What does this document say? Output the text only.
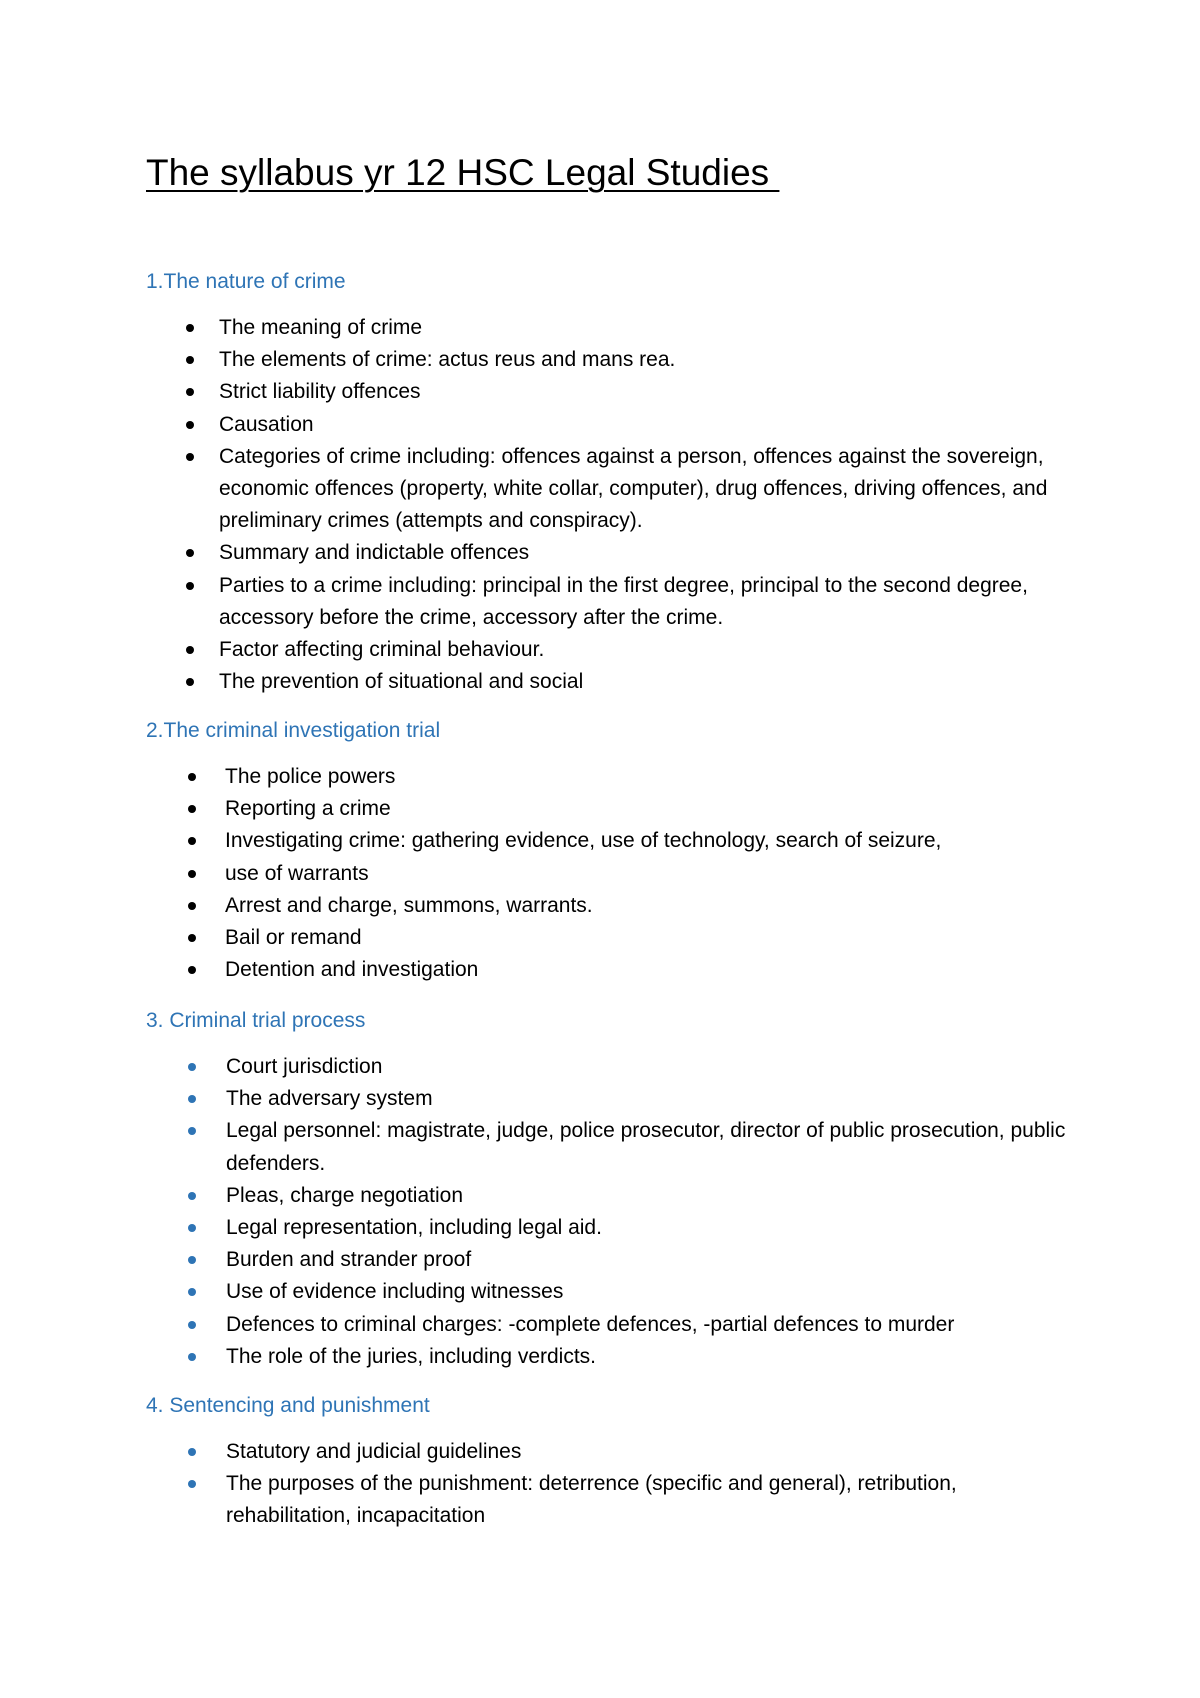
The syllabus yr 12 HSC Legal Studies
1.The nature of crime
The meaning of crime
The elements of crime: actus reus and mans rea.
Strict liability offences
Causation
Categories of crime including: offences against a person, offences against the sovereign, economic offences (property, white collar, computer), drug offences, driving offences, and preliminary crimes (attempts and conspiracy).
Summary and indictable offences
Parties to a crime including: principal in the first degree, principal to the second degree, accessory before the crime, accessory after the crime.
Factor affecting criminal behaviour.
The prevention of situational and social
2.The criminal investigation trial
The police powers
Reporting a crime
Investigating crime: gathering evidence, use of technology, search of seizure,
use of warrants
Arrest and charge, summons, warrants.
Bail or remand
Detention and investigation
3. Criminal trial process
Court jurisdiction
The adversary system
Legal personnel: magistrate, judge, police prosecutor, director of public prosecution, public defenders.
Pleas, charge negotiation
Legal representation, including legal aid.
Burden and strander proof
Use of evidence including witnesses
Defences to criminal charges: -complete defences, -partial defences to murder
The role of the juries, including verdicts.
4. Sentencing and punishment
Statutory and judicial guidelines
The purposes of the punishment: deterrence (specific and general), retribution, rehabilitation, incapacitation
